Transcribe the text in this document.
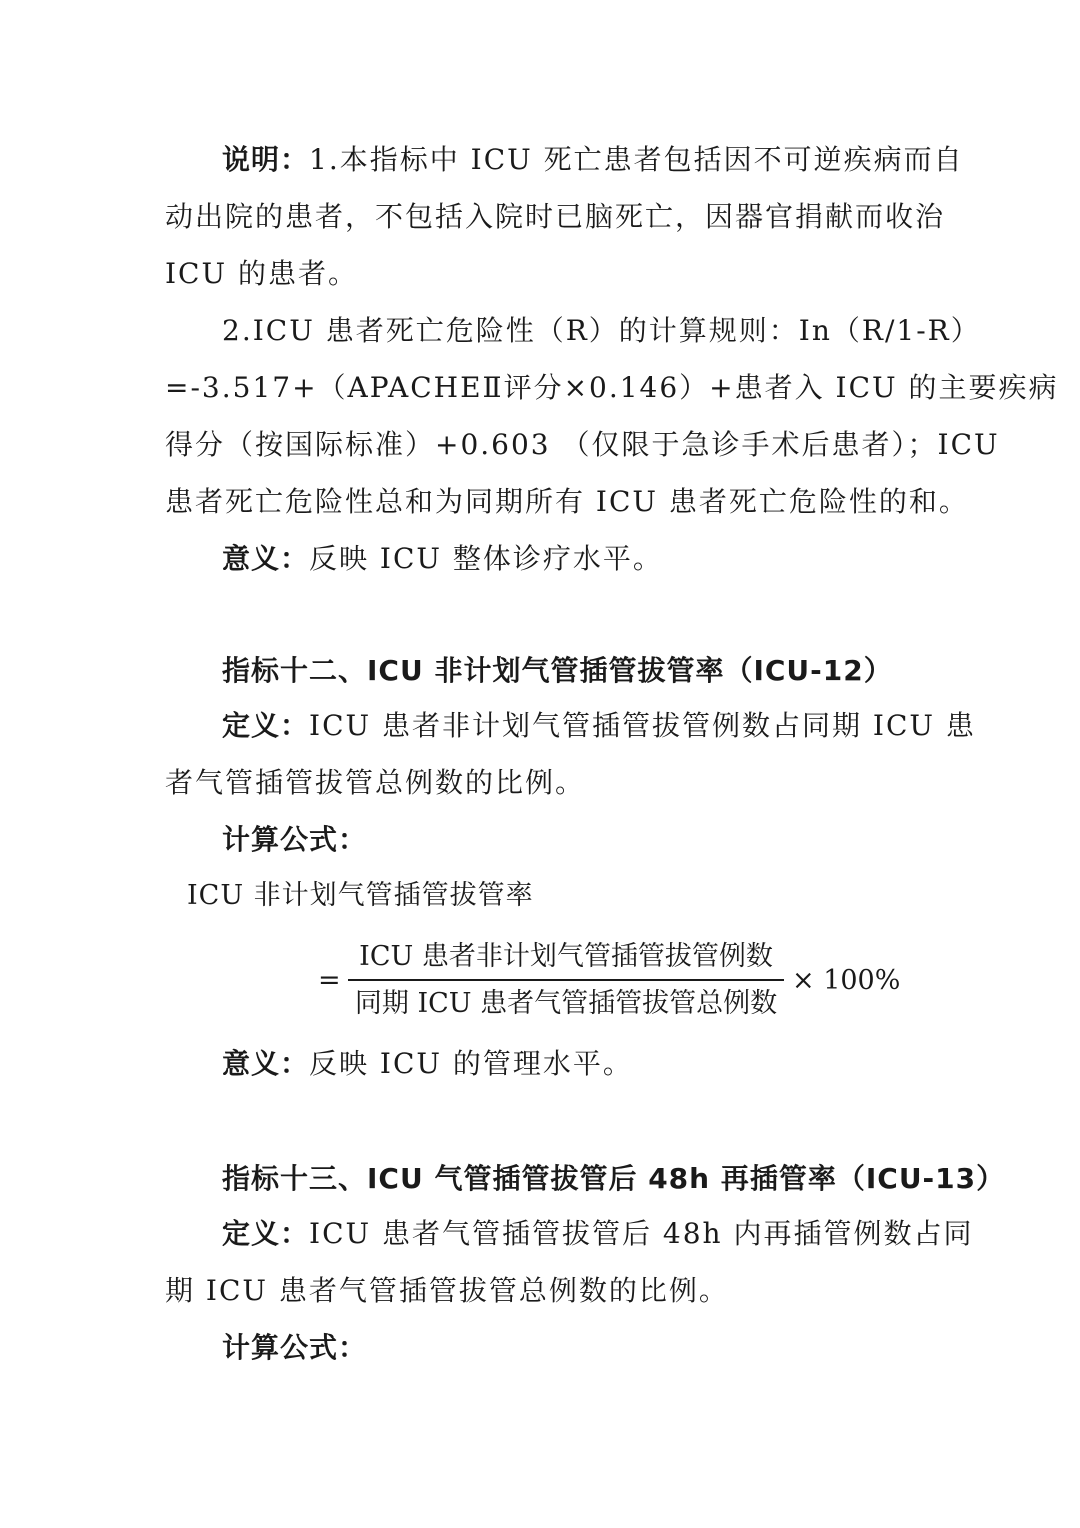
说明：1.本指标中 ICU 死亡患者包括因不可逆疾病而自
动出院的患者，不包括入院时已脑死亡，因器官捐献而收治
ICU 的患者。
2.ICU 患者死亡危险性（R）的计算规则：In（R/1-R）
=-3.517+（APACHEⅡ评分×0.146）+患者入 ICU 的主要疾病
得分（按国际标准）+0.603 （仅限于急诊手术后患者）；ICU
患者死亡危险性总和为同期所有 ICU 患者死亡危险性的和。
意义：反映 ICU 整体诊疗水平。
指标十二、ICU 非计划气管插管拔管率（ICU-12）
定义：ICU 患者非计划气管插管拔管例数占同期 ICU 患
者气管插管拔管总例数的比例。
计算公式：
ICU 非计划气管插管拔管率
=
ICU 患者非计划气管插管拔管例数
同期 ICU 患者气管插管拔管总例数
× 100%
意义：反映 ICU 的管理水平。
指标十三、ICU 气管插管拔管后 48h 再插管率（ICU-13）
定义：ICU 患者气管插管拔管后 48h 内再插管例数占同
期 ICU 患者气管插管拔管总例数的比例。
计算公式：
